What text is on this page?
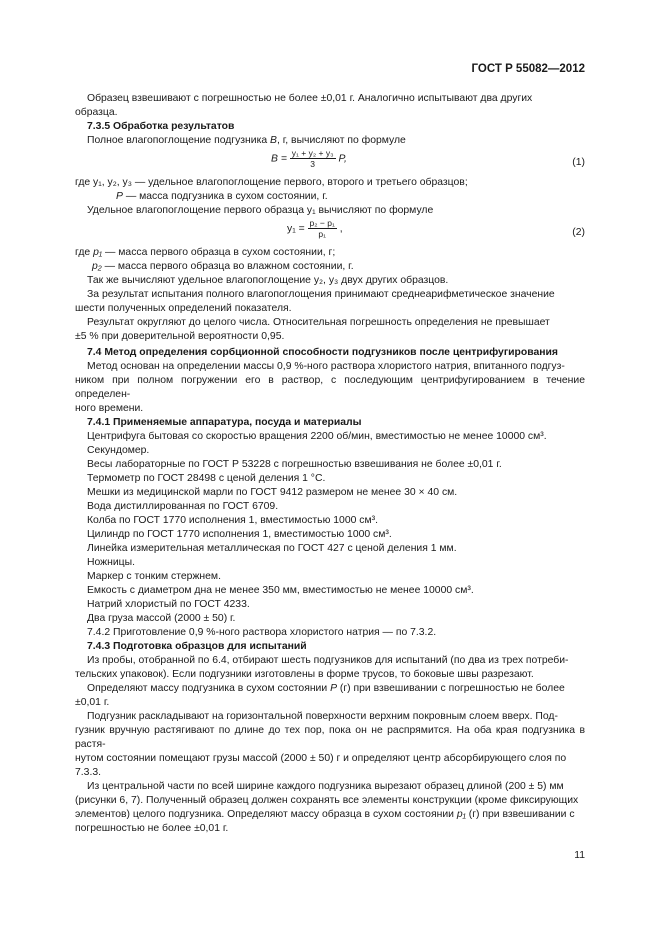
ГОСТ Р 55082—2012

Образец взвешивают с погрешностью не более ±0,01 г. Аналогично испытывают два других

образца.

7.3.5 Обработка результатов

Полное влагопоглощение подгузника B, г, вычисляют по формуле

$B = \frac{\text{y₁ + y₂ + y₃}}{3} P$,	(1)

где y₁, y₂, y₃ — удельное влагопоглощение первого, второго и третьего образцов;

P — масса подгузника в сухом состоянии, г.

Удельное влагопоглощение первого образца y₁ вычисляют по формуле

$y_1 = \frac{\text{p₂ − p₁}}{\text{p₁}}$ ,	(2)

где p₁ — масса первого образца в сухом состоянии, г;

p₂ — масса первого образца во влажном состоянии, г.

Так же вычисляют удельное влагопоглощение y₂, y₃ двух других образцов.

За результат испытания полного влагопоглощения принимают среднеарифметическое значение

шести полученных определений показателя.

Результат округляют до целого числа. Относительная погрешность определения не превышает

±5 % при доверительной вероятности 0,95.

7.4 Метод определения сорбционной способности подгузников после центрифугирования

Метод основан на определении массы 0,9 %-ного раствора хлористого натрия, впитанного подгуз-

ником при полном погружении его в раствор, с последующим центрифугированием в течение определен-

ного времени.

7.4.1 Применяемые аппаратура, посуда и материалы

Центрифуга бытовая со скоростью вращения 2200 об/мин, вместимостью не менее 10000 см³.

Секундомер.

Весы лабораторные по ГОСТ Р 53228 с погрешностью взвешивания не более ±0,01 г.

Термометр по ГОСТ 28498 с ценой деления 1 °С.

Мешки из медицинской марли по ГОСТ 9412 размером не менее 30 × 40 см.

Вода дистиллированная по ГОСТ 6709.

Колба по ГОСТ 1770 исполнения 1, вместимостью 1000 см³.

Цилиндр по ГОСТ 1770 исполнения 1, вместимостью 1000 см³.

Линейка измерительная металлическая по ГОСТ 427 с ценой деления 1 мм.

Ножницы.

Маркер с тонким стержнем.

Емкость с диаметром дна не менее 350 мм, вместимостью не менее 10000 см³.

Натрий хлористый по ГОСТ 4233.

Два груза массой (2000 ± 50) г.

7.4.2 Приготовление 0,9 %-ного раствора хлористого натрия — по 7.3.2.

7.4.3 Подготовка образцов для испытаний

Из пробы, отобранной по 6.4, отбирают шесть подгузников для испытаний (по два из трех потреби-

тельских упаковок). Если подгузники изготовлены в форме трусов, то боковые швы разрезают.

Определяют массу подгузника в сухом состоянии P (г) при взвешивании с погрешностью не более

±0,01 г.

Подгузник раскладывают на горизонтальной поверхности верхним покровным слоем вверх. Под-

гузник вручную растягивают по длине до тех пор, пока он не распрямится. На оба края подгузника в растя-

нутом состоянии помещают грузы массой (2000 ± 50) г и определяют центр абсорбирующего слоя по

7.3.3.

Из центральной части по всей ширине каждого подгузника вырезают образец длиной (200 ± 5) мм

(рисунки 6, 7). Полученный образец должен сохранять все элементы конструкции (кроме фиксирующих

элементов) целого подгузника. Определяют массу образца в сухом состоянии p₁ (г) при взвешивании с

погрешностью не более ±0,01 г.

11
